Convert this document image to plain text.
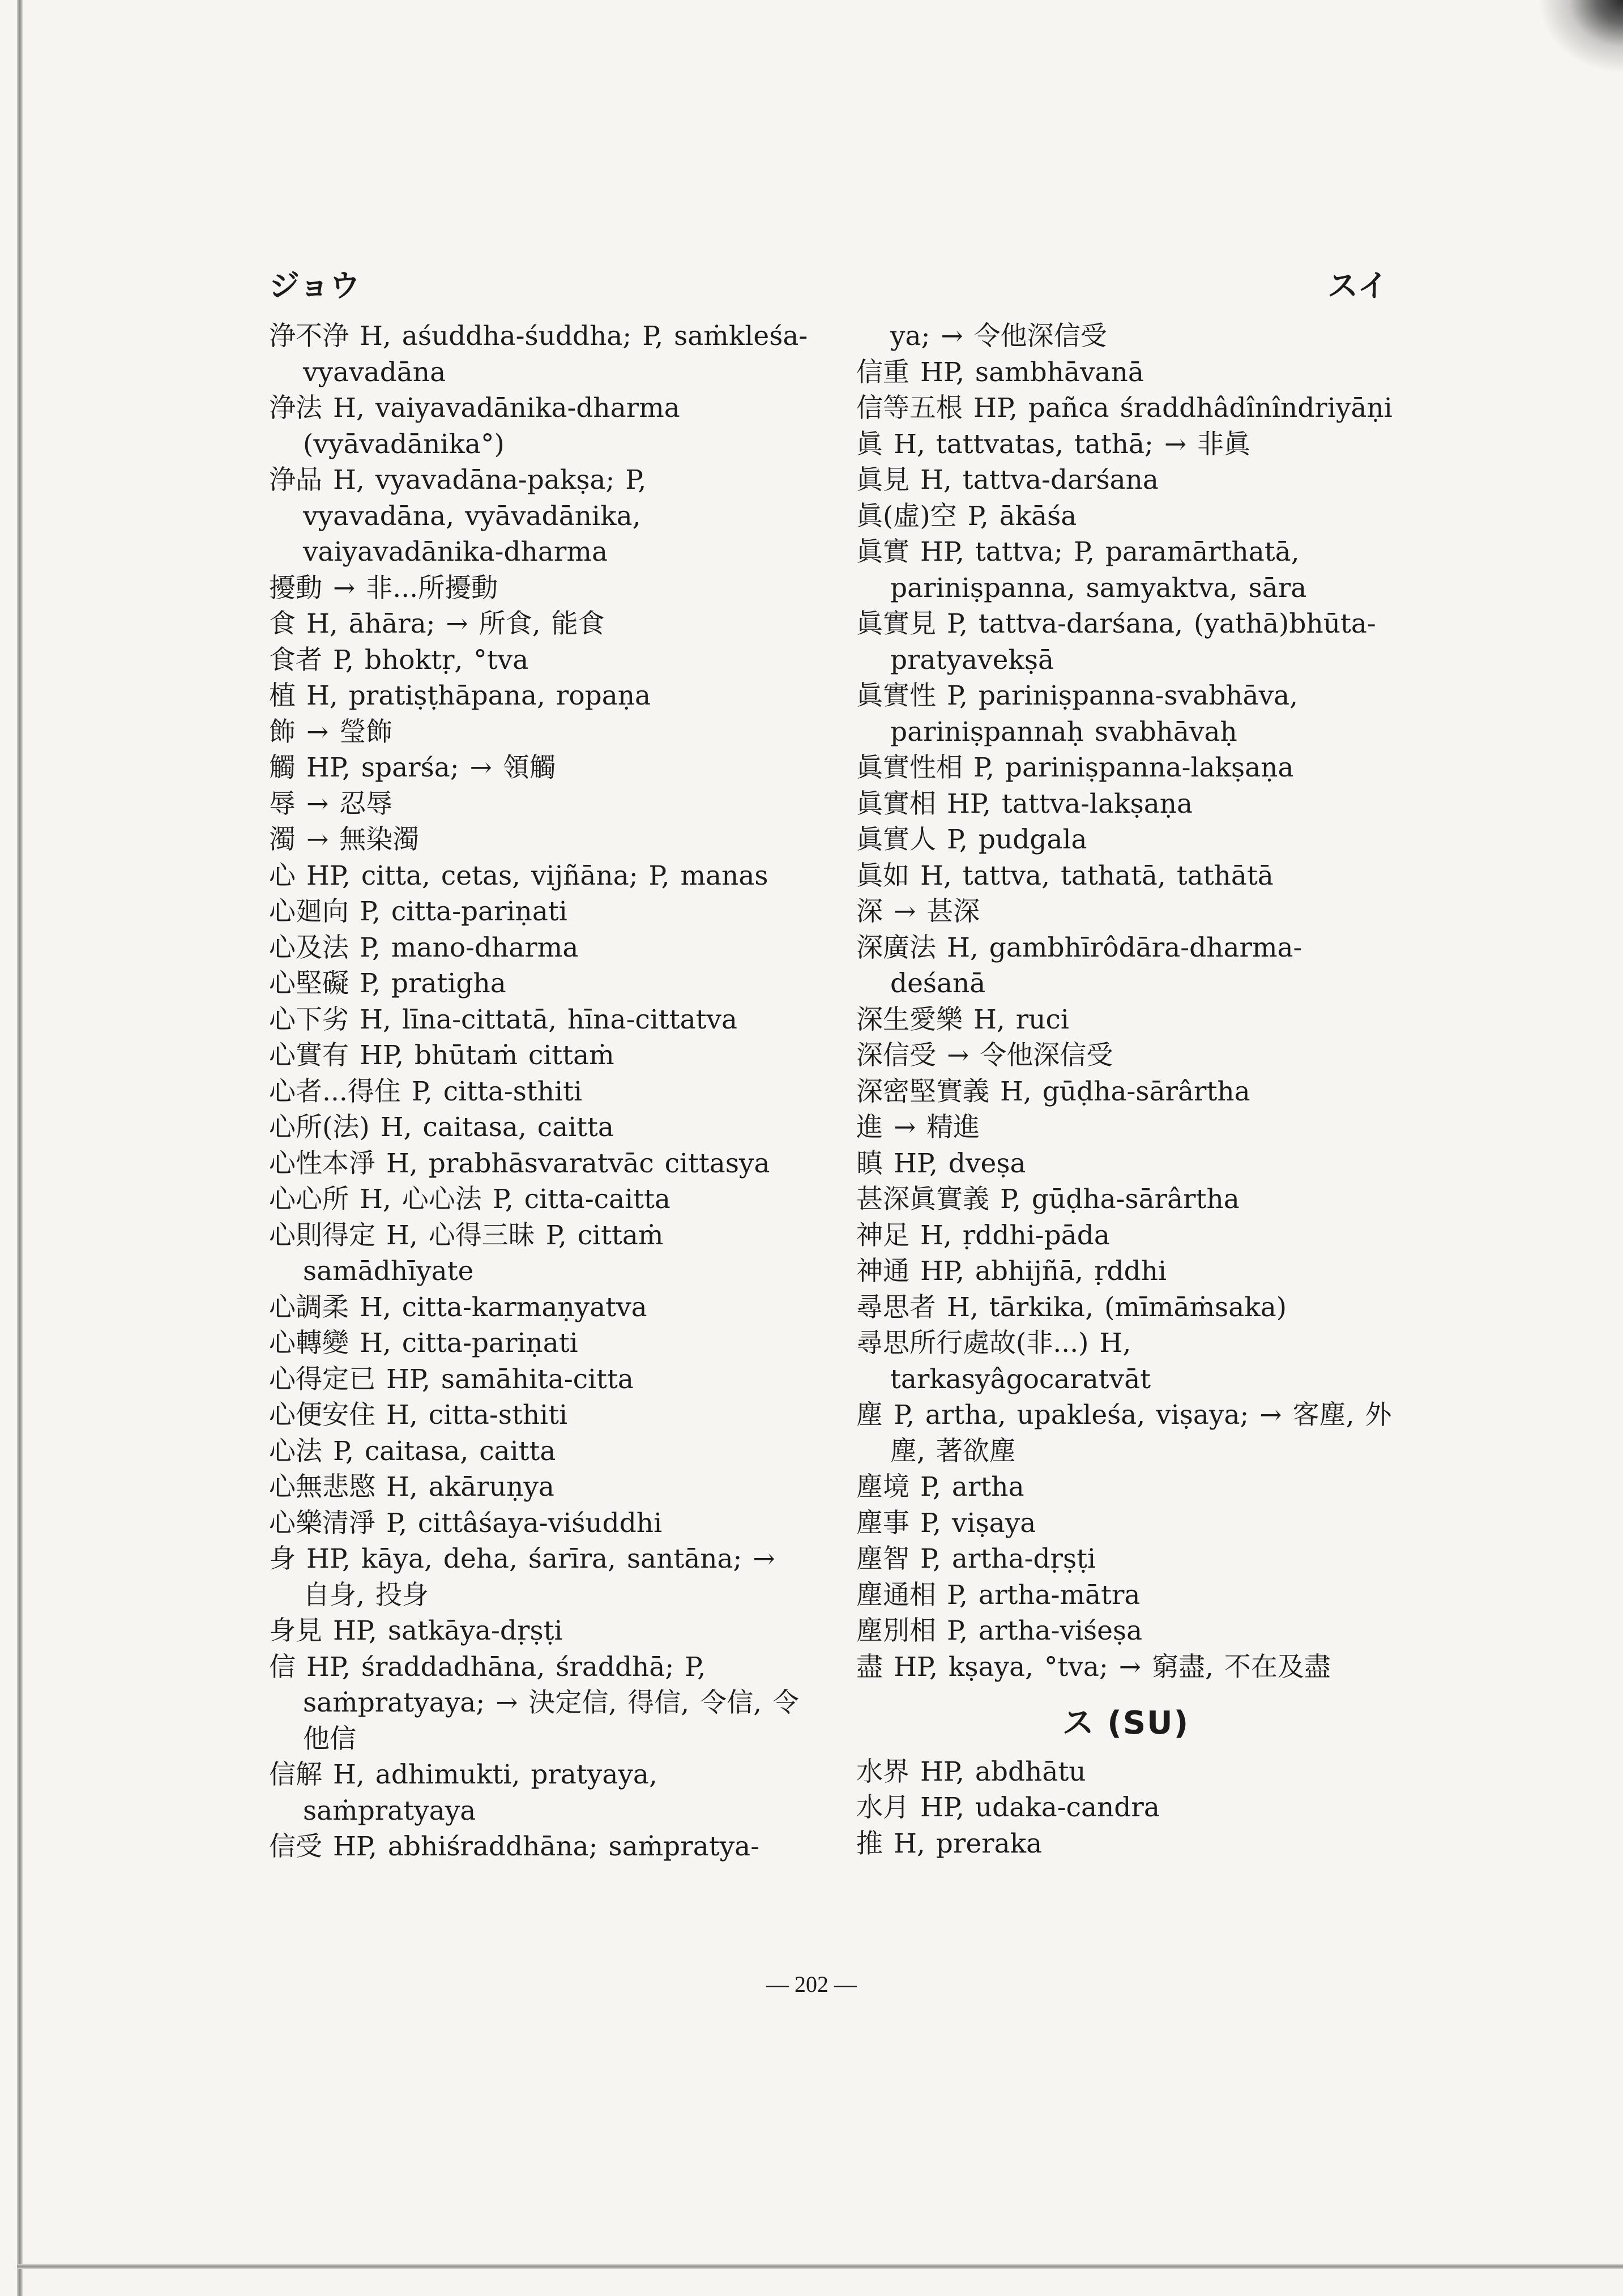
ジョウ	スイ
浄不浄 H, aśuddha-śuddha; P, saṁkleśa-vyavadāna
浄法 H, vaiyavadānika-dharma (vyāvadānika°)
浄品 H, vyavadāna-pakṣa; P, vyavadāna, vyāvadānika, vaiyavadānika-dharma
擾動 → 非...所擾動
食 H, āhāra; → 所食, 能食
食者 P, bhoktṛ, °tva
植 H, pratiṣṭhāpana, ropaṇa
飾 → 瑩飾
觸 HP, sparśa; → 領觸
辱 → 忍辱
濁 → 無染濁
心 HP, citta, cetas, vijñāna; P, manas
心廻向 P, citta-pariṇati
心及法 P, mano-dharma
心堅礙 P, pratigha
心下劣 H, līna-cittatā, hīna-cittatva
心實有 HP, bhūtaṁ cittaṁ
心者...得住 P, citta-sthiti
心所(法) H, caitasa, caitta
心性本淨 H, prabhāsvaratvāc cittasya
心心所 H, 心心法 P, citta-caitta
心則得定 H, 心得三昧 P, cittaṁ samādhīyate
心調柔 H, citta-karmaṇyatva
心轉變 H, citta-pariṇati
心得定已 HP, samāhita-citta
心便安住 H, citta-sthiti
心法 P, caitasa, caitta
心無悲愍 H, akāruṇya
心樂清淨 P, cittâśaya-viśuddhi
身 HP, kāya, deha, śarīra, santāna; → 自身, 投身
身見 HP, satkāya-dṛṣṭi
信 HP, śraddadhāna, śraddhā; P, saṁpratyaya; → 決定信, 得信, 令信, 令他信
信解 H, adhimukti, pratyaya, saṁpratyaya
信受 HP, abhiśraddhāna; saṁpratya-
ya; → 令他深信受
信重 HP, sambhāvanā
信等五根 HP, pañca śraddhâdînîndriyāṇi
眞 H, tattvatas, tathā; → 非眞
眞見 H, tattva-darśana
眞(虛)空 P, ākāśa
眞實 HP, tattva; P, paramārthatā, pariniṣpanna, samyaktva, sāra
眞實見 P, tattva-darśana, (yathā)bhūta-pratyavekṣā
眞實性 P, pariniṣpanna-svabhāva, pariniṣpannaḥ svabhāvaḥ
眞實性相 P, pariniṣpanna-lakṣaṇa
眞實相 HP, tattva-lakṣaṇa
眞實人 P, pudgala
眞如 H, tattva, tathatā, tathātā
深 → 甚深
深廣法 H, gambhīrôdāra-dharma-deśanā
深生愛樂 H, ruci
深信受 → 令他深信受
深密堅實義 H, gūḍha-sārârtha
進 → 精進
瞋 HP, dveṣa
甚深眞實義 P, gūḍha-sārârtha
神足 H, ṛddhi-pāda
神通 HP, abhijñā, ṛddhi
尋思者 H, tārkika, (mīmāṁsaka)
尋思所行處故(非...) H, tarkasyâgocaratvāt
塵 P, artha, upakleśa, viṣaya; → 客塵, 外塵, 著欲塵
塵境 P, artha
塵事 P, viṣaya
塵智 P, artha-dṛṣṭi
塵通相 P, artha-mātra
塵別相 P, artha-viśeṣa
盡 HP, kṣaya, °tva; → 窮盡, 不在及盡
ス (SU)
水界 HP, abdhātu
水月 HP, udaka-candra
推 H, preraka
— 202 —
